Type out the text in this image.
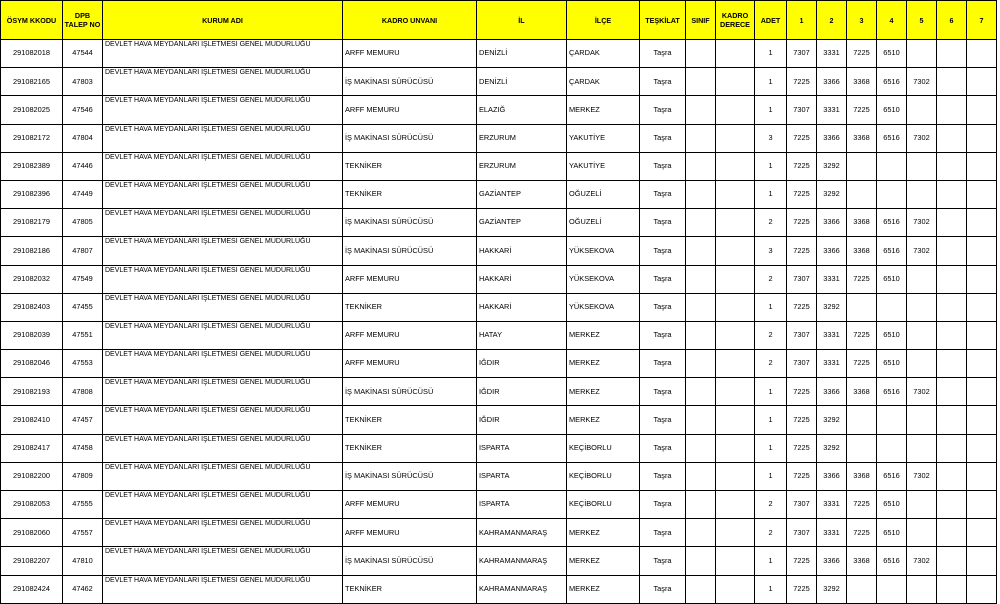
ÖSYM KKODU	DPB TALEP NO	KURUM ADI	KADRO UNVANI	İL	İLÇE	TEŞKİLAT	SINIF	KADRO DERECE	ADET	1	2	3	4	5	6	7
291082018	47544	DEVLET HAVA MEYDANLARI İŞLETMESİ GENEL MÜDÜRLÜĞÜ	ARFF MEMURU	DENİZLİ	ÇARDAK	Taşra			1	7307	3331	7225	6510			
291082165	47803	DEVLET HAVA MEYDANLARI İŞLETMESİ GENEL MÜDÜRLÜĞÜ	İŞ MAKİNASI SÜRÜCÜSÜ	DENİZLİ	ÇARDAK	Taşra			1	7225	3366	3368	6516	7302		
291082025	47546	DEVLET HAVA MEYDANLARI İŞLETMESİ GENEL MÜDÜRLÜĞÜ	ARFF MEMURU	ELAZIĞ	MERKEZ	Taşra			1	7307	3331	7225	6510			
291082172	47804	DEVLET HAVA MEYDANLARI İŞLETMESİ GENEL MÜDÜRLÜĞÜ	İŞ MAKİNASI SÜRÜCÜSÜ	ERZURUM	YAKUTİYE	Taşra			3	7225	3366	3368	6516	7302		
291082389	47446	DEVLET HAVA MEYDANLARI İŞLETMESİ GENEL MÜDÜRLÜĞÜ	TEKNİKER	ERZURUM	YAKUTİYE	Taşra			1	7225	3292					
291082396	47449	DEVLET HAVA MEYDANLARI İŞLETMESİ GENEL MÜDÜRLÜĞÜ	TEKNİKER	GAZİANTEP	OĞUZELİ	Taşra			1	7225	3292					
291082179	47805	DEVLET HAVA MEYDANLARI İŞLETMESİ GENEL MÜDÜRLÜĞÜ	İŞ MAKİNASI SÜRÜCÜSÜ	GAZİANTEP	OĞUZELİ	Taşra			2	7225	3366	3368	6516	7302		
291082186	47807	DEVLET HAVA MEYDANLARI İŞLETMESİ GENEL MÜDÜRLÜĞÜ	İŞ MAKİNASI SÜRÜCÜSÜ	HAKKARİ	YÜKSEKOVA	Taşra			3	7225	3366	3368	6516	7302		
291082032	47549	DEVLET HAVA MEYDANLARI İŞLETMESİ GENEL MÜDÜRLÜĞÜ	ARFF MEMURU	HAKKARİ	YÜKSEKOVA	Taşra			2	7307	3331	7225	6510			
291082403	47455	DEVLET HAVA MEYDANLARI İŞLETMESİ GENEL MÜDÜRLÜĞÜ	TEKNİKER	HAKKARİ	YÜKSEKOVA	Taşra			1	7225	3292					
291082039	47551	DEVLET HAVA MEYDANLARI İŞLETMESİ GENEL MÜDÜRLÜĞÜ	ARFF MEMURU	HATAY	MERKEZ	Taşra			2	7307	3331	7225	6510			
291082046	47553	DEVLET HAVA MEYDANLARI İŞLETMESİ GENEL MÜDÜRLÜĞÜ	ARFF MEMURU	IĞDIR	MERKEZ	Taşra			2	7307	3331	7225	6510			
291082193	47808	DEVLET HAVA MEYDANLARI İŞLETMESİ GENEL MÜDÜRLÜĞÜ	İŞ MAKİNASI SÜRÜCÜSÜ	IĞDIR	MERKEZ	Taşra			1	7225	3366	3368	6516	7302		
291082410	47457	DEVLET HAVA MEYDANLARI İŞLETMESİ GENEL MÜDÜRLÜĞÜ	TEKNİKER	IĞDIR	MERKEZ	Taşra			1	7225	3292					
291082417	47458	DEVLET HAVA MEYDANLARI İŞLETMESİ GENEL MÜDÜRLÜĞÜ	TEKNİKER	ISPARTA	KEÇİBORLU	Taşra			1	7225	3292					
291082200	47809	DEVLET HAVA MEYDANLARI İŞLETMESİ GENEL MÜDÜRLÜĞÜ	İŞ MAKİNASI SÜRÜCÜSÜ	ISPARTA	KEÇİBORLU	Taşra			1	7225	3366	3368	6516	7302		
291082053	47555	DEVLET HAVA MEYDANLARI İŞLETMESİ GENEL MÜDÜRLÜĞÜ	ARFF MEMURU	ISPARTA	KEÇİBORLU	Taşra			2	7307	3331	7225	6510			
291082060	47557	DEVLET HAVA MEYDANLARI İŞLETMESİ GENEL MÜDÜRLÜĞÜ	ARFF MEMURU	KAHRAMANMARAŞ	MERKEZ	Taşra			2	7307	3331	7225	6510			
291082207	47810	DEVLET HAVA MEYDANLARI İŞLETMESİ GENEL MÜDÜRLÜĞÜ	İŞ MAKİNASI SÜRÜCÜSÜ	KAHRAMANMARAŞ	MERKEZ	Taşra			1	7225	3366	3368	6516	7302		
291082424	47462	DEVLET HAVA MEYDANLARI İŞLETMESİ GENEL MÜDÜRLÜĞÜ	TEKNİKER	KAHRAMANMARAŞ	MERKEZ	Taşra			1	7225	3292					
